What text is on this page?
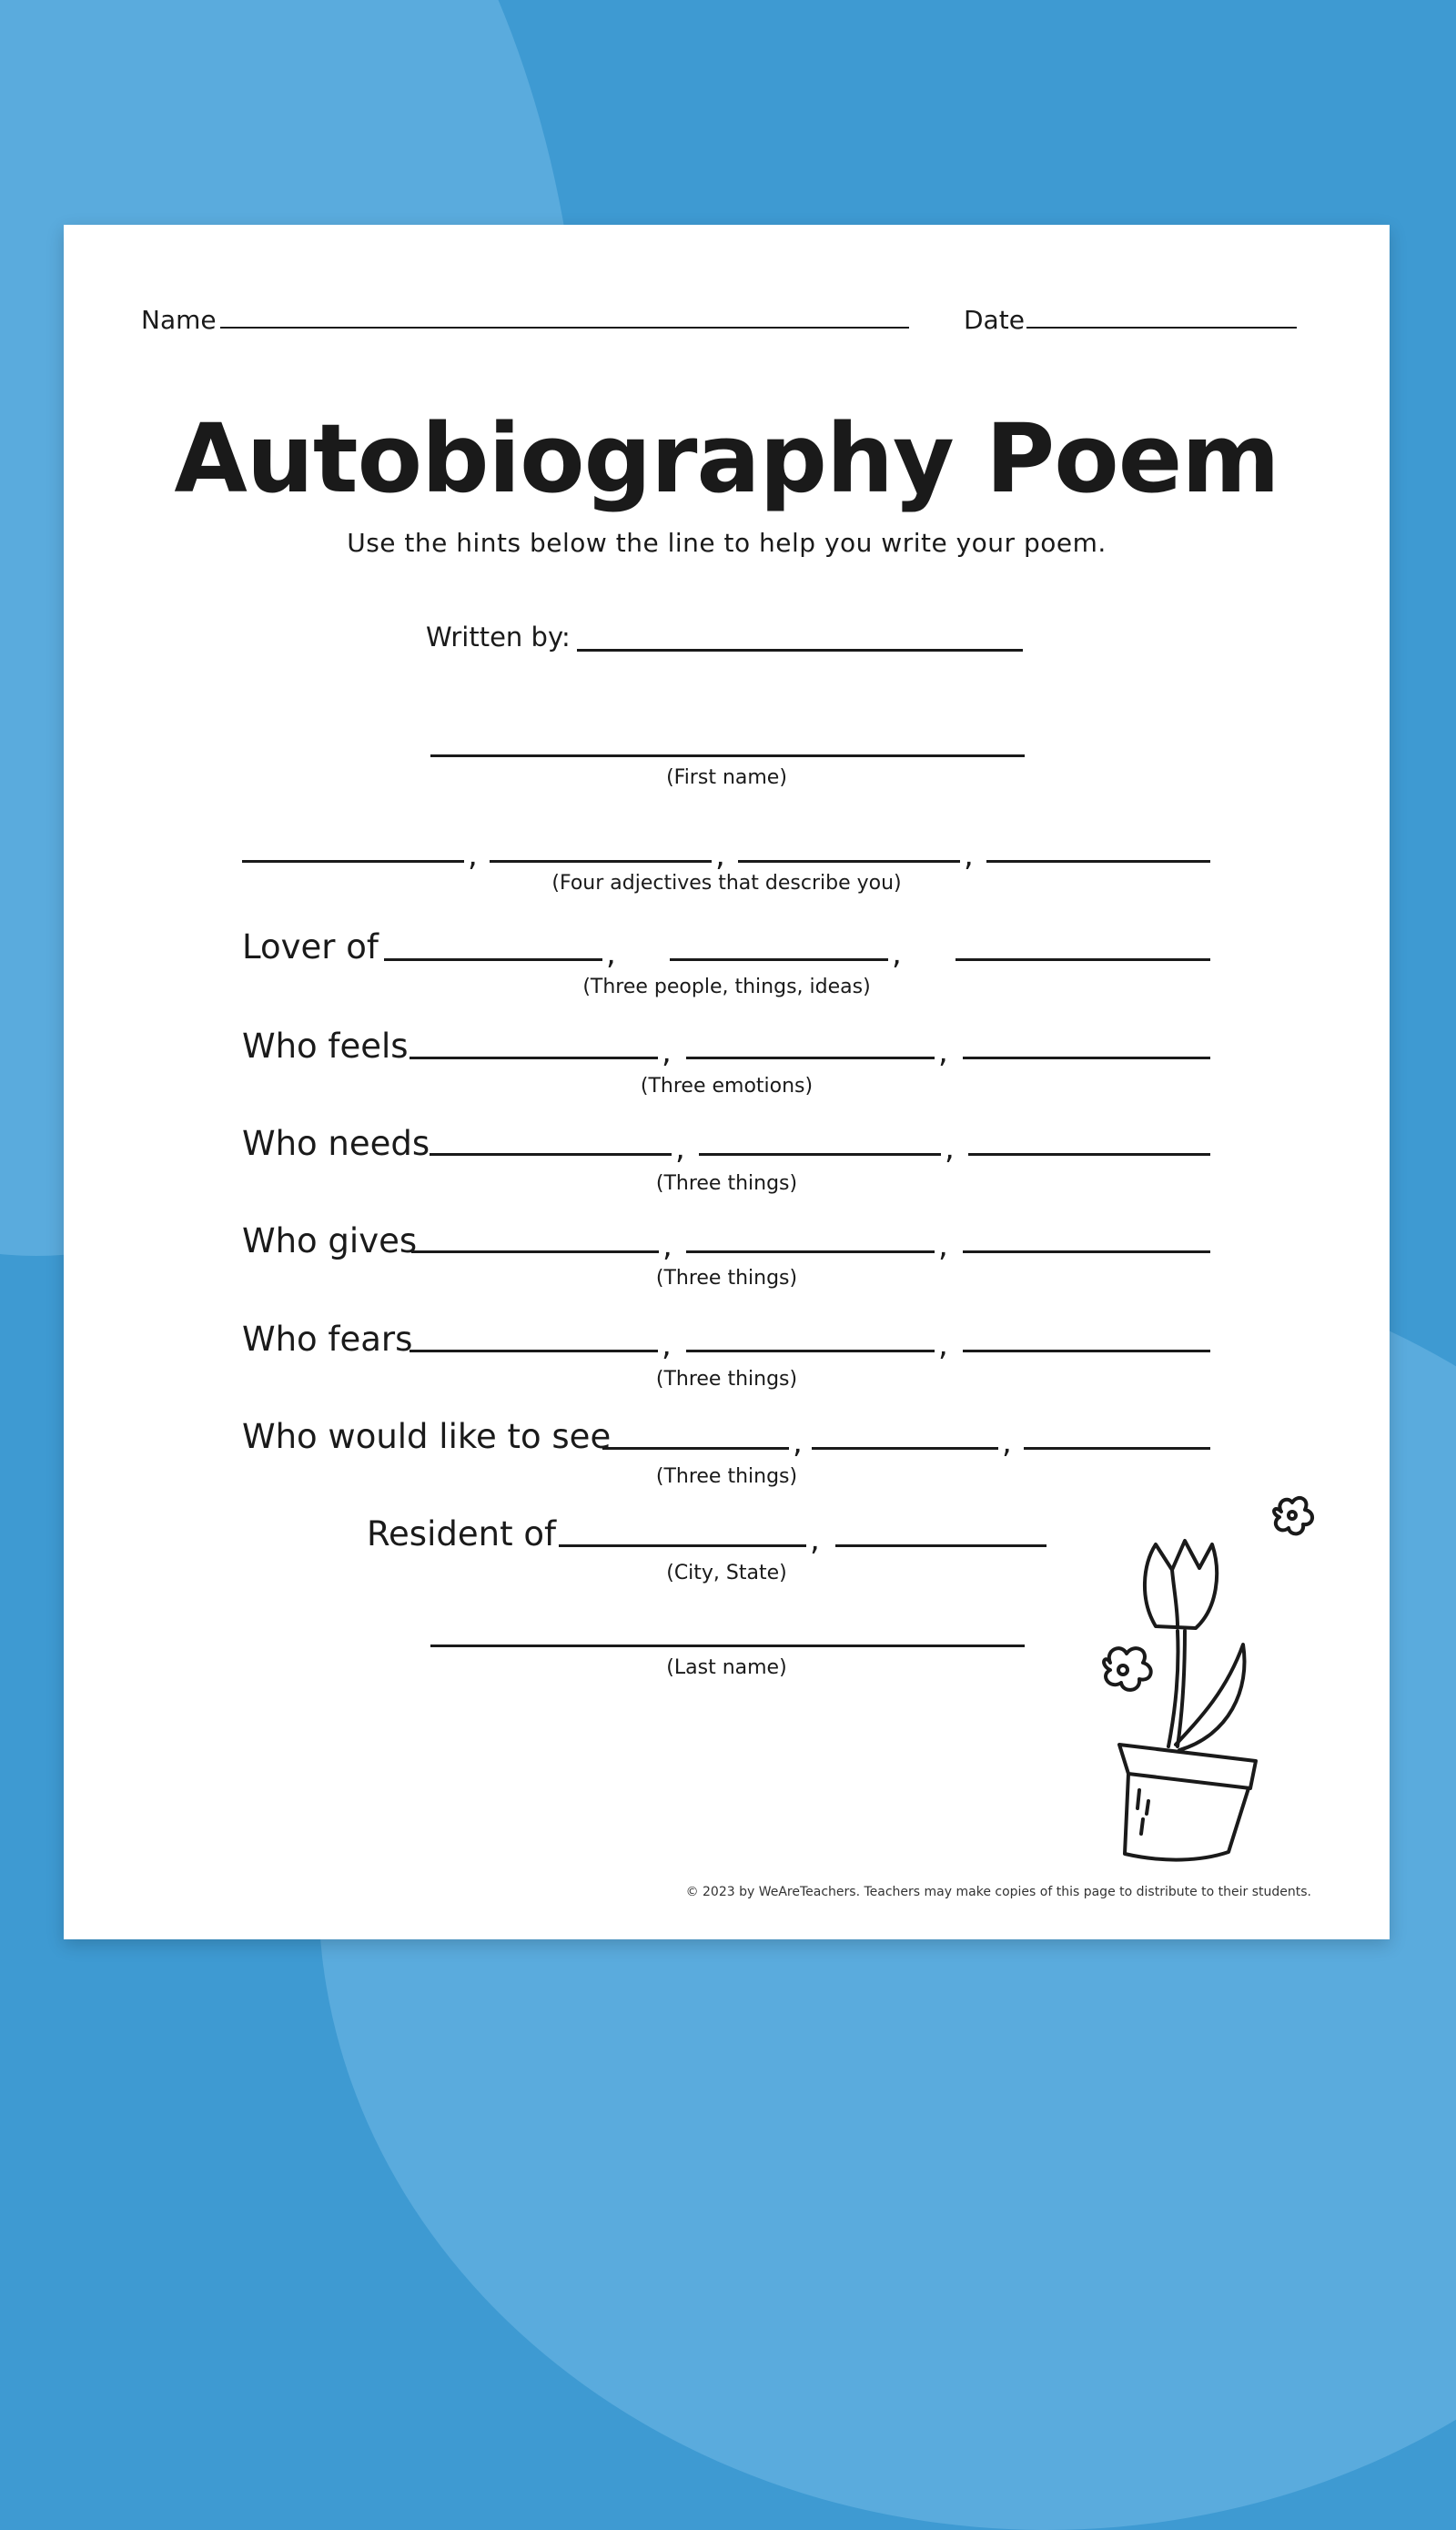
Name	Date
Autobiography Poem
Use the hints below the line to help you write your poem.
Written by:
(First name)
,	,	,
(Four adjectives that describe you)
Lover of	,	,
(Three people, things, ideas)
Who feels	,	,
(Three emotions)
Who needs	,	,
(Three things)
Who gives	,	,
(Three things)
Who fears	,	,
(Three things)
Who would like to see	,	,
(Three things)
Resident of	,
(City, State)
(Last name)
© 2023 by WeAreTeachers. Teachers may make copies of this page to distribute to their students.
